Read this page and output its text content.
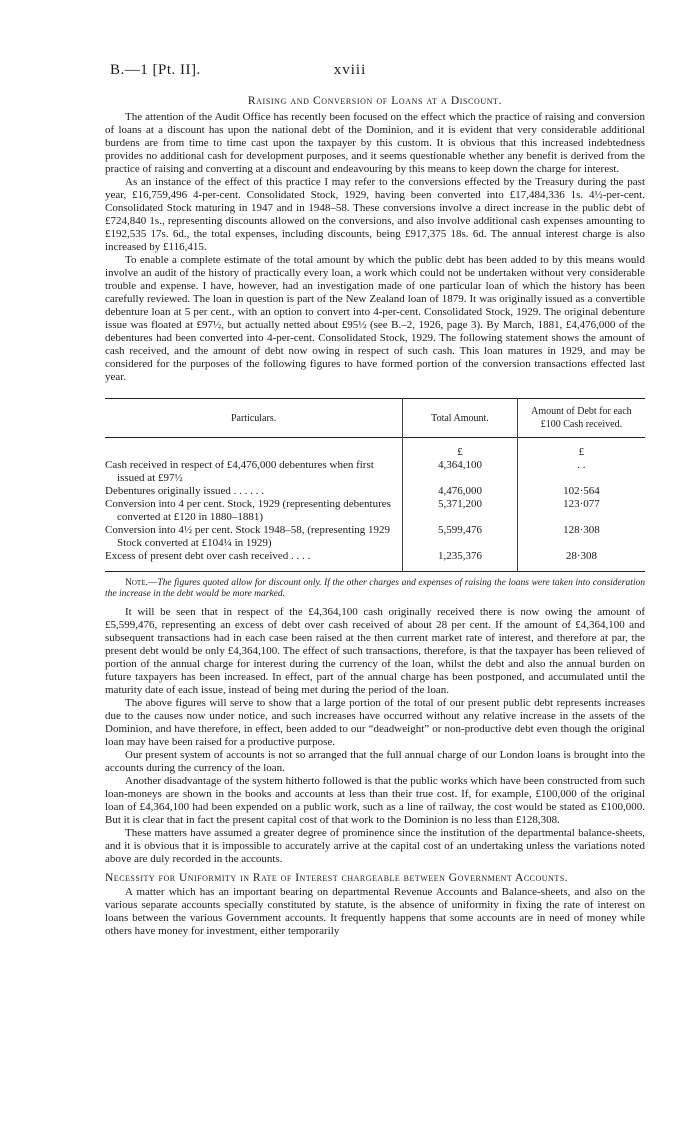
B.—1 [Pt. II].	xviii
Raising and Conversion of Loans at a Discount.

The attention of the Audit Office has recently been focused on the effect which the practice of raising and conversion of loans at a discount has upon the national debt of the Dominion, and it is evident that very considerable additional burdens are from time to time cast upon the taxpayer by this custom. It is obvious that this increased indebtedness provides no additional cash for development purposes, and it seems questionable whether any benefit is derived from the practice of raising and converting at a discount and endeavouring by this means to keep down the charge for interest.

As an instance of the effect of this practice I may refer to the conversions effected by the Treasury during the past year, £16,759,496 4-per-cent. Consolidated Stock, 1929, having been converted into £17,484,336 1s. 4½-per-cent. Consolidated Stock maturing in 1947 and in 1948–58. These conversions involve a direct increase in the public debt of £724,840 1s., representing discounts allowed on the conversions, and also involve additional cash expenses amounting to £192,535 17s. 6d., the total expenses, including discounts, being £917,375 18s. 6d. The annual interest charge is also increased by £116,415.

To enable a complete estimate of the total amount by which the public debt has been added to by this means would involve an audit of the history of practically every loan, a work which could not be undertaken without very considerable trouble and expense. I have, however, had an investigation made of one particular loan of which the history has been carefully reviewed. The loan in question is part of the New Zealand loan of 1879. It was originally issued as a convertible debenture loan at 5 per cent., with an option to convert into 4-per-cent. Consolidated Stock, 1929. The original debenture issue was floated at £97½, but actually netted about £95½ (see B.–2, 1926, page 3). By March, 1881, £4,476,000 of the debentures had been converted into 4-per-cent. Consolidated Stock, 1929. The following statement shows the amount of cash received, and the amount of debt now owing in respect of such cash. This loan matures in 1929, and may be considered for the purposes of the following figures to have formed portion of the conversion transactions effected last year.

Particulars.	Total Amount.	Amount of Debt for each £100 Cash received.
	£	£

Cash received in respect of £4,476,000 debentures when first issued at £97½	4,364,100	. .

Debentures originally issued . . . . . .	4,476,000	102·564

Conversion into 4 per cent. Stock, 1929 (representing debentures converted at £120 in 1880–1881)	5,371,200	123·077

Conversion into 4½ per cent. Stock 1948–58, (representing 1929 Stock converted at £104¼ in 1929)	5,599,476	128·308

Excess of present debt over cash received . . . .	1,235,376	28·308

Note.—The figures quoted allow for discount only. If the other charges and expenses of raising the loans were taken into consideration the increase in the debt would be more marked.

It will be seen that in respect of the £4,364,100 cash originally received there is now owing the amount of £5,599,476, representing an excess of debt over cash received of about 28 per cent. If the amount of £4,364,100 and subsequent transactions had in each case been raised at the then current market rate of interest, and therefore at par, the present debt would be only £4,364,100. The effect of such transactions, therefore, is that the taxpayer has been relieved of portion of the annual charge for interest during the currency of the loan, whilst the debt and also the annual burden on future taxpayers has been increased. In effect, part of the annual charge has been postponed, and accumulated until the maturity date of each issue, instead of being met during the period of the loan.

The above figures will serve to show that a large portion of the total of our present public debt represents increases due to the causes now under notice, and such increases have occurred without any relative increase in the assets of the Dominion, and have therefore, in effect, been added to our “deadweight” or non-productive debt even though the original loan may have been raised for a productive purpose.

Our present system of accounts is not so arranged that the full annual charge of our London loans is brought into the accounts during the currency of the loan.

Another disadvantage of the system hitherto followed is that the public works which have been constructed from such loan-moneys are shown in the books and accounts at less than their true cost. If, for example, £100,000 of the original loan of £4,364,100 had been expended on a public work, such as a line of railway, the cost would be stated as £100,000. But it is clear that in fact the present capital cost of that work to the Dominion is no less than £128,308.

These matters have assumed a greater degree of prominence since the institution of the departmental balance-sheets, and it is obvious that it is impossible to accurately arrive at the capital cost of an undertaking unless the variations noted above are duly recorded in the accounts.

Necessity for Uniformity in Rate of Interest chargeable between Government Accounts.

A matter which has an important bearing on departmental Revenue Accounts and Balance-sheets, and also on the various separate accounts specially constituted by statute, is the absence of uniformity in fixing the rate of interest on loans between the various Government accounts. It frequently happens that some accounts are in need of money while others have money for investment, either temporarily
